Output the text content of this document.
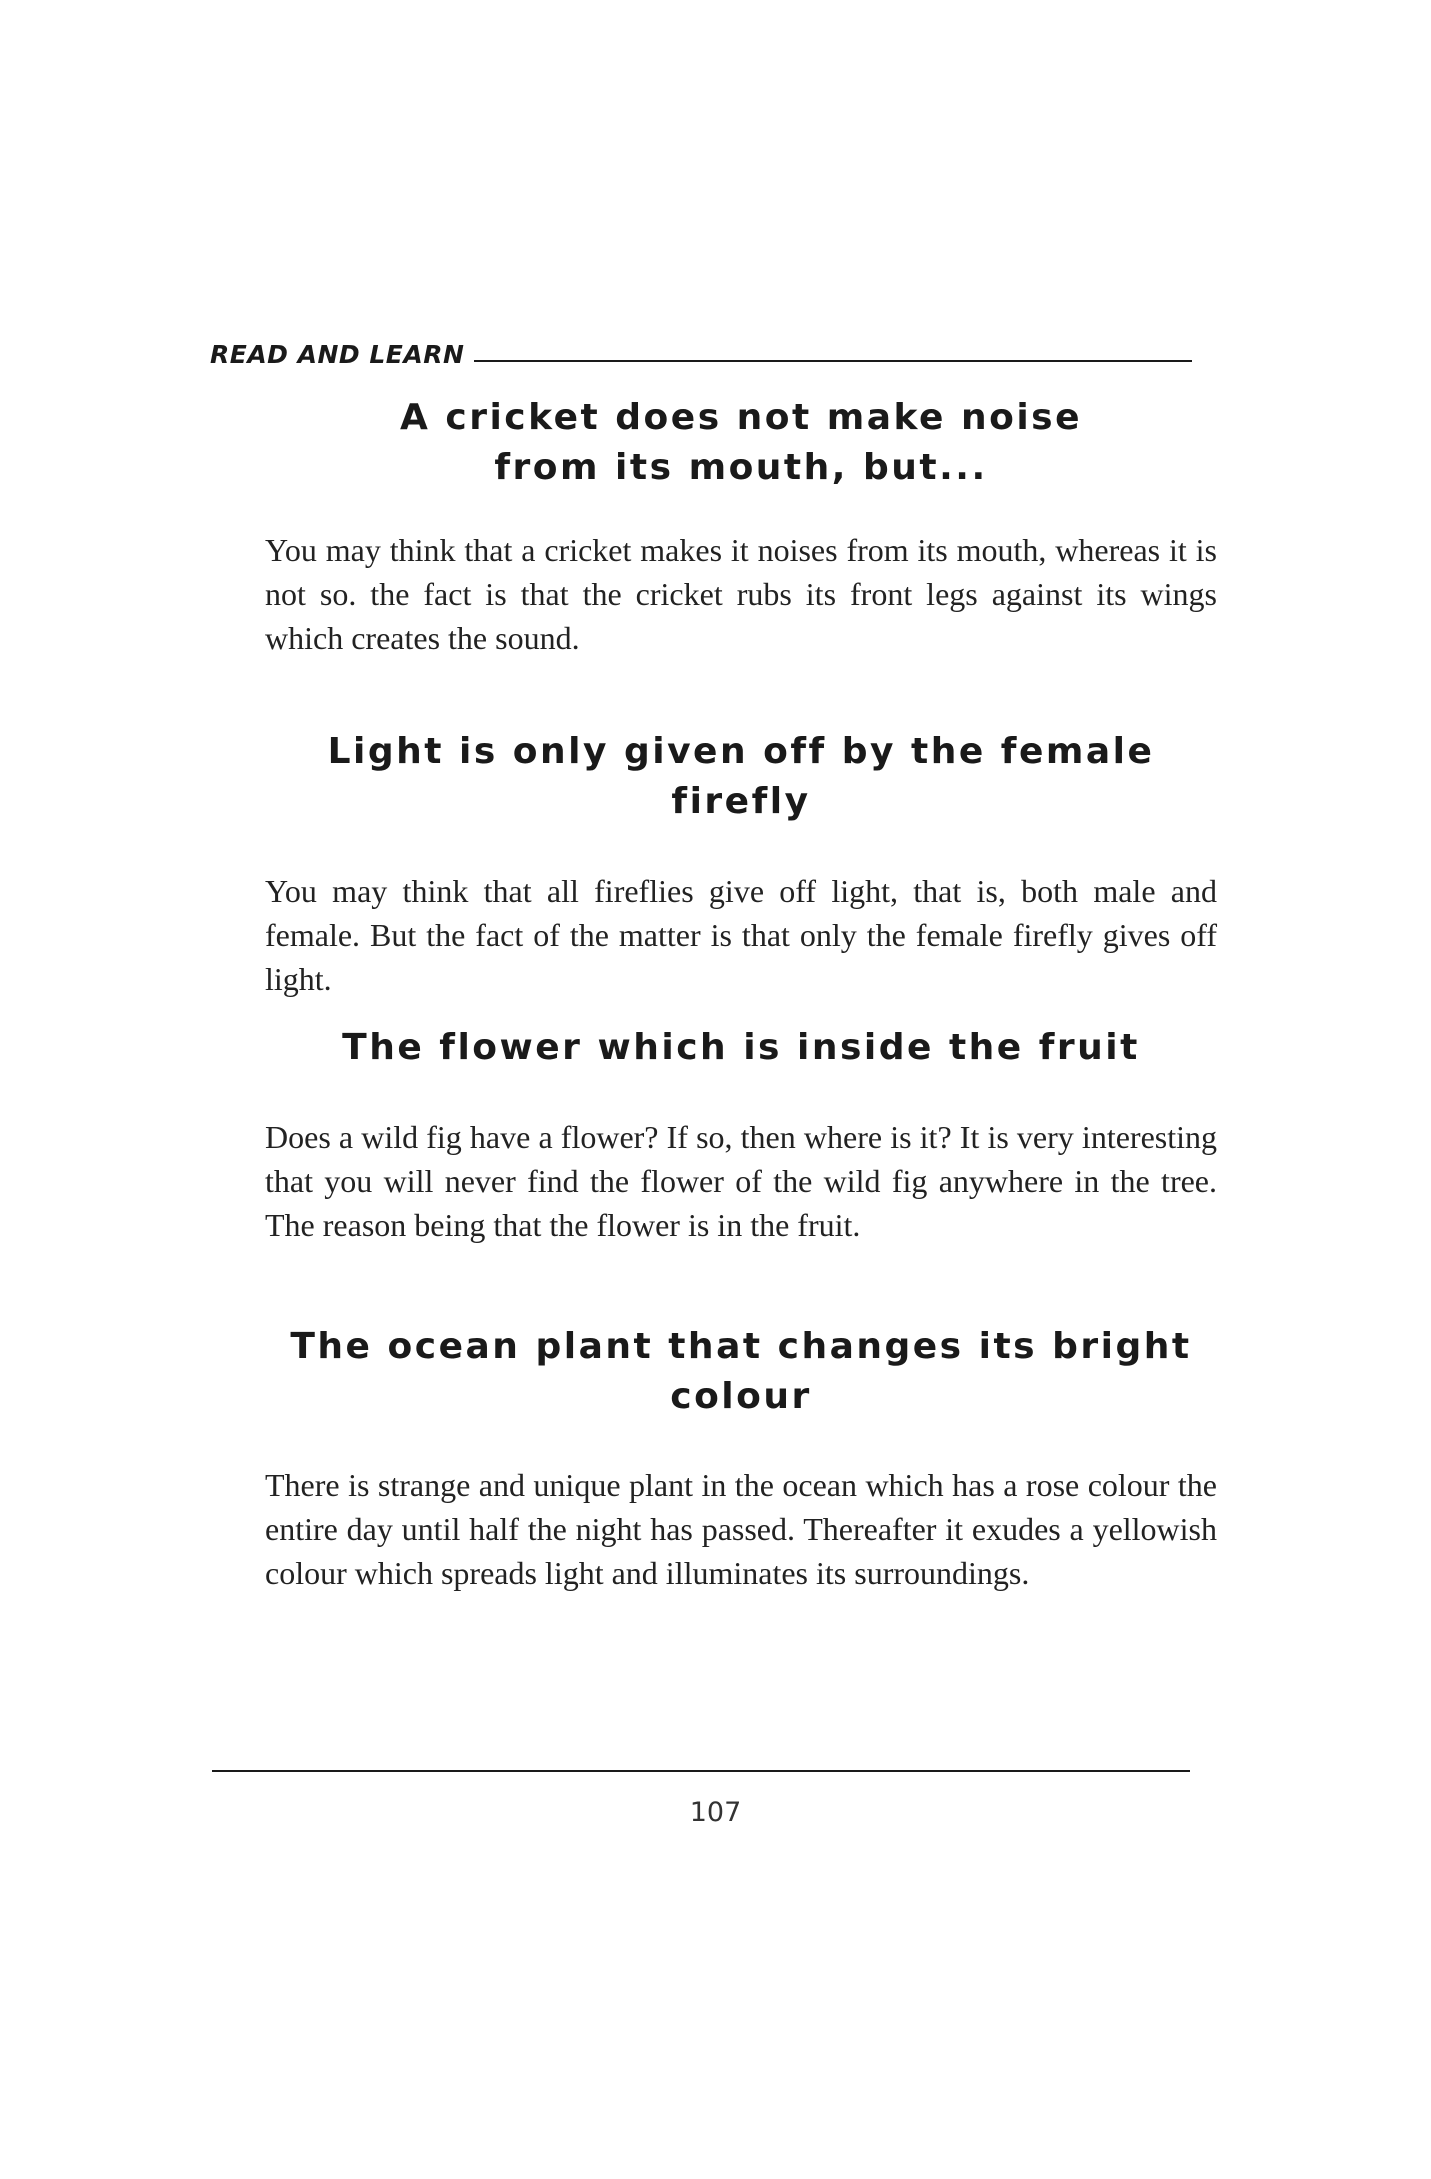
READ AND LEARN
A cricket does not make noise
from its mouth, but...

You may think that a cricket makes it noises from its mouth, whereas it is not so. the fact is that the cricket rubs its front legs against its wings which creates the sound.

Light is only given off by the female firefly

You may think that all fireflies give off light, that is, both male and female. But the fact of the matter is that only the female firefly gives off light.

The flower which is inside the fruit

Does a wild fig have a flower? If so, then where is it? It is very interesting that you will never find the flower of the wild fig anywhere in the tree. The reason being that the flower is in the fruit.

The ocean plant that changes its bright colour

There is strange and unique plant in the ocean which has a rose colour the entire day until half the night has passed. Thereafter it exudes a yellowish colour which spreads light and illuminates its surroundings.

107
